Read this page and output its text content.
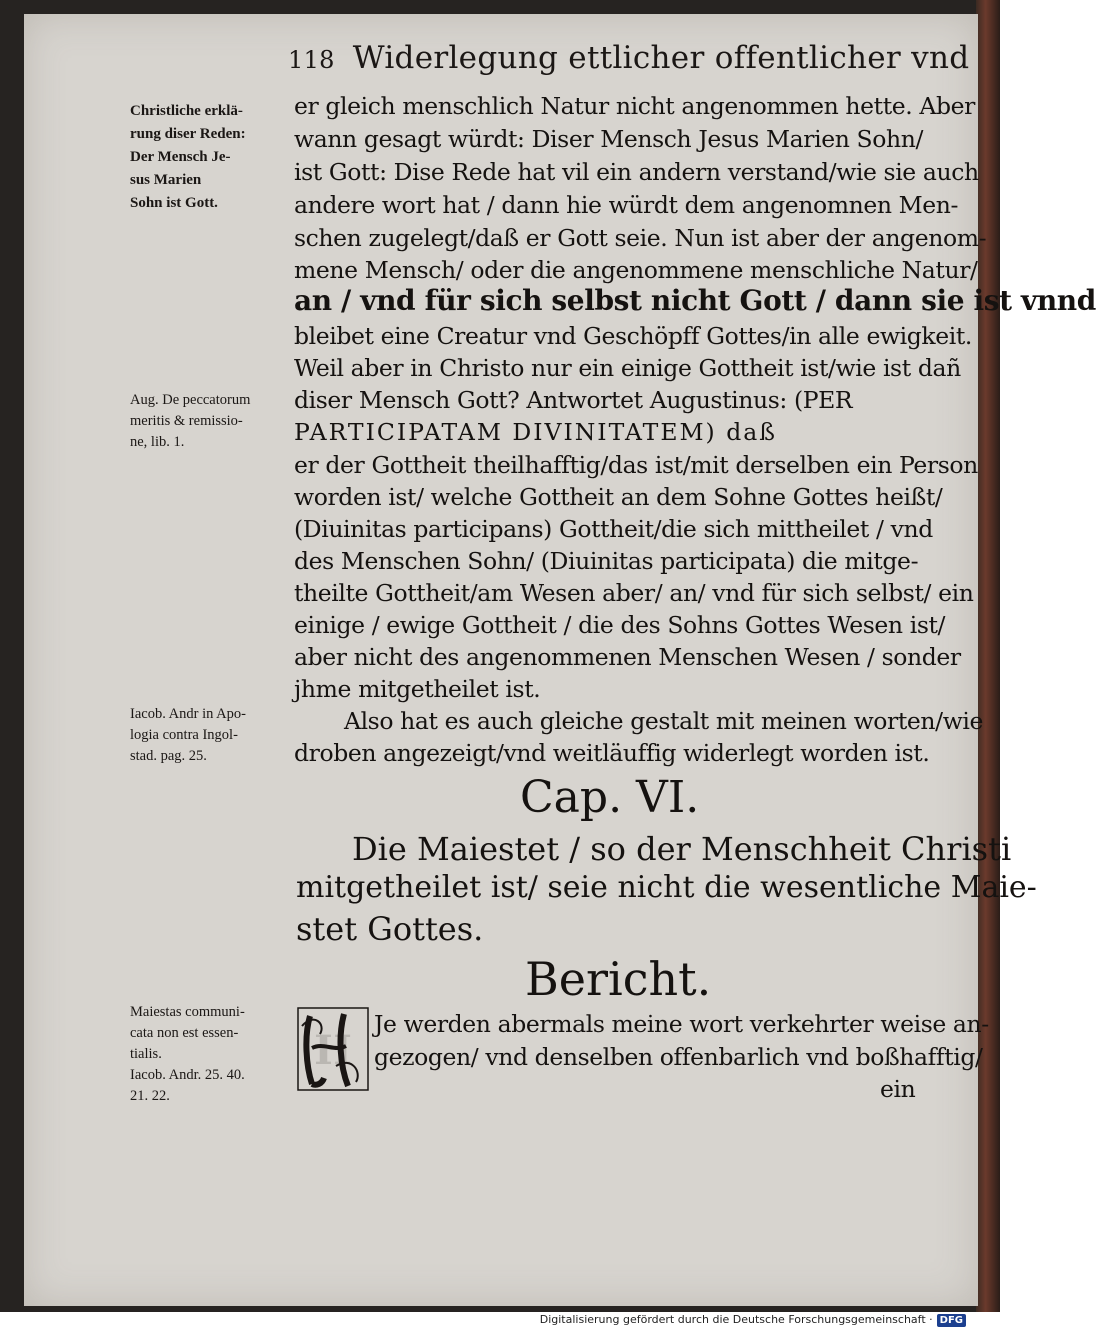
118 Widerlegung ettlicher offentlicher vnd
Christliche erklä-
rung diser Reden:
Der Mensch Je-
sus Marien
Sohn ist Gott.
Aug. De peccatorum
meritis & remissio-
ne, lib. 1.
Iacob. Andr in Apo-
logia contra Ingol-
stad. pag. 25.
Maiestas communi-
cata non est essen-
tialis.
Iacob. Andr. 25. 40.
21. 22.
er gleich menschlich Natur nicht angenommen hette. Aber
wann gesagt würdt: Diser Mensch Jesus Marien Sohn/
ist Gott: Dise Rede hat vil ein andern verstand/wie sie auch
andere wort hat / dann hie würdt dem angenomnen Men-
schen zugelegt/daß er Gott seie. Nun ist aber der angenom-
mene Mensch/ oder die angenommene menschliche Natur/
an / vnd für sich selbst nicht Gott / dann sie ist vnnd
bleibet eine Creatur vnd Geschöpff Gottes/in alle ewigkeit.
Weil aber in Christo nur ein einige Gottheit ist/wie ist dañ
diser Mensch Gott? Antwortet Augustinus: (PER
PARTICIPATAM DIVINITATEM) daß
er der Gottheit theilhafftig/das ist/mit derselben ein Person
worden ist/ welche Gottheit an dem Sohne Gottes heißt/
(Diuinitas participans) Gottheit/die sich mittheilet / vnd
des Menschen Sohn/ (Diuinitas participata) die mitge-
theilte Gottheit/am Wesen aber/ an/ vnd für sich selbst/ ein
einige / ewige Gottheit / die des Sohns Gottes Wesen ist/
aber nicht des angenommenen Menschen Wesen / sonder
jhme mitgetheilet ist.
Also hat es auch gleiche gestalt mit meinen worten/wie
droben angezeigt/vnd weitläuffig widerlegt worden ist.
Cap. VI.
Die Maiestet / so der Menschheit Christi
mitgetheilet ist/ seie nicht die wesentliche Maie-
stet Gottes.
Bericht.
H
Je werden abermals meine wort verkehrter weise an-
gezogen/ vnd denselben offenbarlich vnd boßhafftig/
ein
Digitalisierung gefördert durch die Deutsche Forschungsgemeinschaft · DFG
